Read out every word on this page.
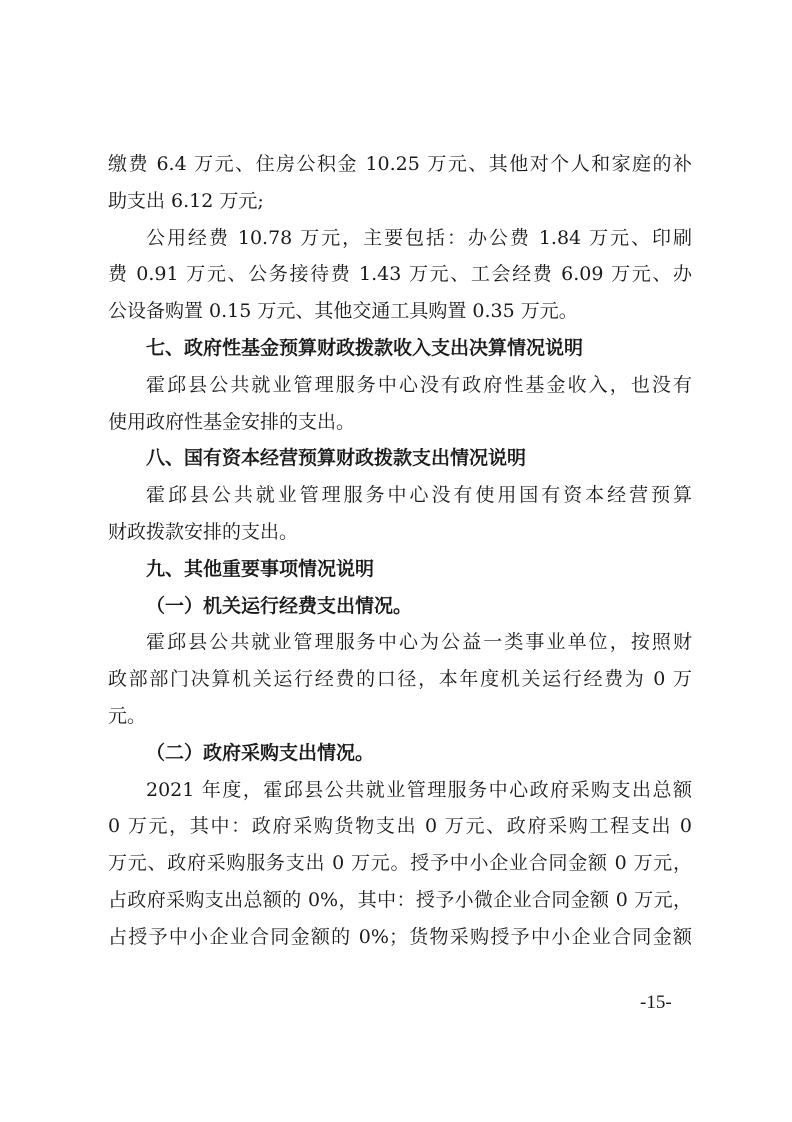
缴费 6.4 万元、住房公积金 10.25 万元、其他对个人和家庭的补
助支出 6.12 万元;
公用经费 10.78 万元，主要包括：办公费 1.84 万元、印刷
费 0.91 万元、公务接待费 1.43 万元、工会经费 6.09 万元、办
公设备购置 0.15 万元、其他交通工具购置 0.35 万元。
七、政府性基金预算财政拨款收入支出决算情况说明
霍邱县公共就业管理服务中心没有政府性基金收入，也没有
使用政府性基金安排的支出。
八、国有资本经营预算财政拨款支出情况说明
霍邱县公共就业管理服务中心没有使用国有资本经营预算
财政拨款安排的支出。
九、其他重要事项情况说明
（一）机关运行经费支出情况。
霍邱县公共就业管理服务中心为公益一类事业单位，按照财
政部部门决算机关运行经费的口径，本年度机关运行经费为 0 万
元。
（二）政府采购支出情况。
2021 年度，霍邱县公共就业管理服务中心政府采购支出总额
0 万元，其中：政府采购货物支出 0 万元、政府采购工程支出 0
万元、政府采购服务支出 0 万元。授予中小企业合同金额 0 万元，
占政府采购支出总额的 0%，其中：授予小微企业合同金额 0 万元，
占授予中小企业合同金额的 0%；货物采购授予中小企业合同金额
-15-
